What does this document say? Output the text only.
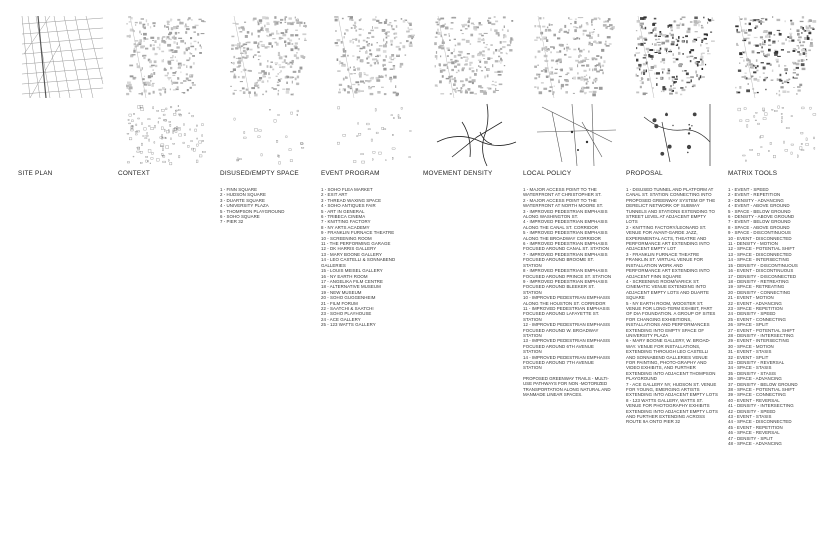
SITE PLAN	CONTEXT	DISUSED/EMPTY SPACE
1 - FINN SQUARE
2 - HUDSON SQUARE
3 - DUARTE SQUARE
4 - UNIVERSITY PLAZA
5 - THOMPSON PLAYGROUND
6 - SOHO SQUARE
7 - PIER 32
EVENT PROGRAM
1 - SOHO FLEA MARKET
2 - EXIT ART
3 - THREAD WAXING SPACE
4 - SOHO ANTIQUES FAIR
5 - ART IN GENERAL
6 - TRIBECA CINEMA
7 - KNITTING FACTORY
8 - NY ARTS ACADEMY
9 - FRANKLIN FURNACE THEATRE
10 - SCREENING ROOM
11 - THE PERFORMING GARAGE
12 - DK HARRIS GALLERY
13 - MARY BOONE GALLERY
14 - LEO CASTELLI & SONNABEND GALLERIES
15 - LOUIS MEISEL GALLERY
16 - NY EARTH ROOM
17 - ANGELIKA FILM CENTRE
18 - ALTERNATIVE MUSEUM
19 - NEW MUSEUM
20 - SOHO GUGGENHEIM
21 - FILM FORUM
22 - SAATCHI & SAATCHI
23 - SOHO PLAYHOUSE
24 - ACE GALLERY
25 - 123 WATTS GALLERY
MOVEMENT DENSITY	LOCAL POLICY
1 - MAJOR ACCESS POINT TO THE WATERFRONT AT CHRISTOPHER ST.
2 - MAJOR ACCESS POINT TO THE WATERFRONT AT NORTH MOORE ST.
3 - IMPROVED PEDESTRIAN EMPHASIS ALONG WASHINGTON ST.
4 - IMPROVED PEDESTRIAN EMPHASIS ALONG THE CANAL ST. CORRIDOR
5 - IMPROVED PEDESTRIAN EMPHASIS ALONG THE BROADWAY CORRIDOR
6 - IMPROVED PEDESTRIAN EMPHASIS FOCUSED AROUND CANAL ST. STATION
7 - IMPROVED PEDESTRIAN EMPHASIS FOCUSED AROUND BROOME ST. STATION
8 - IMPROVED PEDESTRIAN EMPHASIS FOCUSED AROUND PRINCE ST. STATION
9 - IMPROVED PEDESTRIAN EMPHASIS FOCUSED AROUND BLEEKER ST. STATION
10 - IMPROVED PEDESTRIAN EMPHASIS ALONG THE HOUSTON ST. CORRIDOR
11 - IMPROVED PEDESTRIAN EMPHASIS FOCUSED AROUND LAFAYETTE ST. STATION
12 - IMPROVED PEDESTRIAN EMPHASIS FOCUSED AROUND W. BROADWAY STATION
13 - IMPROVED PEDESTRIAN EMPHASIS FOCUSED AROUND 6TH AVENUE STATION
14 - IMPROVED PEDESTRIAN EMPHASIS FOCUSED AROUND 7TH AVENUE STATION
PROPOSED GREENWAY TRAILS - MULTI-USE PATHWAYS FOR NON -MOTORIZED TRANSPORTATION ALONG NATURAL AND MANMADE LINEAR SPACES.
PROPOSAL
1 - DISUSED TUNNEL AND PLATFORM AT CANAL ST. STATION CONNECTING INTO PROPOSED GREENWAY SYSTEM OF THE DERELICT NETWORK OF SUBWAY TUNNELS AND STATIONS EXTENDING TO STREET LEVEL AT ADJACENT EMPTY LOTS
2 - KNITTING FACTORY/LEONARD ST. VENUE FOR AVANT-GARDE JAZZ, EXPERIMENTAL ACTS, THEATRE AND PERFORMANCE ART EXTENDING INTO ADJACENT EMPTY LOT
3 - FRANKLIN FURNACE THEATRE FRANKLIN ST. VIRTUAL VENUE FOR INSTALLATION WORK AND PERFORMANCE ART EXTENDING INTO ADJACENT FINN SQUARE
4 - SCREENING ROOM/VARICK ST. CINEMATIC VENUE EXTENDING INTO ADJACENT EMPTY LOTS AND DUARTE SQUARE
5 - NY EARTH ROOM, WOOSTER ST. VENUE FOR LONG-TERM EXHIBIT, PART OF DIA FOUNDATION. A GROUP OF SITES FOR CHANGING EXHIBITIONS, INSTALLATIONS AND PERFORMANCES EXTENDING INTO EMPTY SPACE OF UNIVERSITY PLAZA
6 - MARY BOONE GALLERY, W. BROAD-WAY. VENUE FOR INSTALLATIONS, EXTENDING THROUGH LEO CASTELLI AND SONNABEND GALLERIES VENUE FOR PAINTING, PHOTO-GRAPHY AND VIDEO EXHIBITS, AND FURTHER EXTENDING INTO ADJACENT THOMPSON PLAYGROUND
7 - ACE GALLERY NY, HUDSON ST. VENUE FOR YOUNG, EMERGING ARTISTS EXTENDING INTO ADJACENT EMPTY LOTS
8 - 123 WATTS GALLERY, WATTS ST. VENUE FOR PHOTOGRAPHY EXHIBITS EXTENDING INTO ADJACENT EMPTY LOTS AND FURTHER EXTENDING ACROSS ROUTE 9A ONTO PIER 32
MATRIX TOOLS
1 - EVENT - SPEED
2 - EVENT - REPETITION
3 - DENSITY - ADVANCING
4 - EVENT - ABOVE GROUND
5 - SPACE - BELOW GROUND
6 - DENSITY - ABOVE GROUND
7 - EVENT - BELOW GROUND
8 - SPACE - ABOVE GROUND
9 - SPACE - DISCONTINUOUS
10 - EVENT - DISCONNECTED
11 - DENSITY - MOTION
12 - SPACE - POTENTIAL SHIFT
13 - SPACE - DISCONNECTED
14 - SPACE - INTERSECTING
15 - DENSITY - DISCONTINUOUS
16 - EVENT - DISCONTINUOUS
17 - DENSITY - DISCONNECTED
18 - DENSITY - RETREATING
19 - SPACE - RETREATING
20 - DENSITY - CONNECTING
21 - EVENT - MOTION
22 - EVENT - ADVANCING
23 - SPACE - REPETITION
24 - DENSITY - SPEED
25 - EVENT - CONNECTING
26 - SPACE - SPLIT
27 - EVENT - POTENTIAL SHIFT
28 - DENSITY - INTERSECTING
29 - EVENT - INTERSECTING
30 - SPACE - MOTION
31 - EVENT - STASIS
32 - EVENT - SPLIT
33 - DENSITY - REVERSAL
34 - SPACE - STASIS
35 - DENSITY - STASIS
36 - SPACE - ADVANCING
37 - DENSITY - BELOW GROUND
38 - SPACE - POTENTIAL SHIFT
39 - SPACE - CONNECTING
40 - EVENT - REVERSAL
41 - DENSITY - INTERSECTING
42 - DENSITY - SPEED
43 - EVENT - STASIS
44 - SPACE - DISCONNECTED
45 - EVENT - REPETITION
46 - SPACE - REVERSAL
47 - DENSITY - SPLIT
48 - SPACE - ADVANCING
